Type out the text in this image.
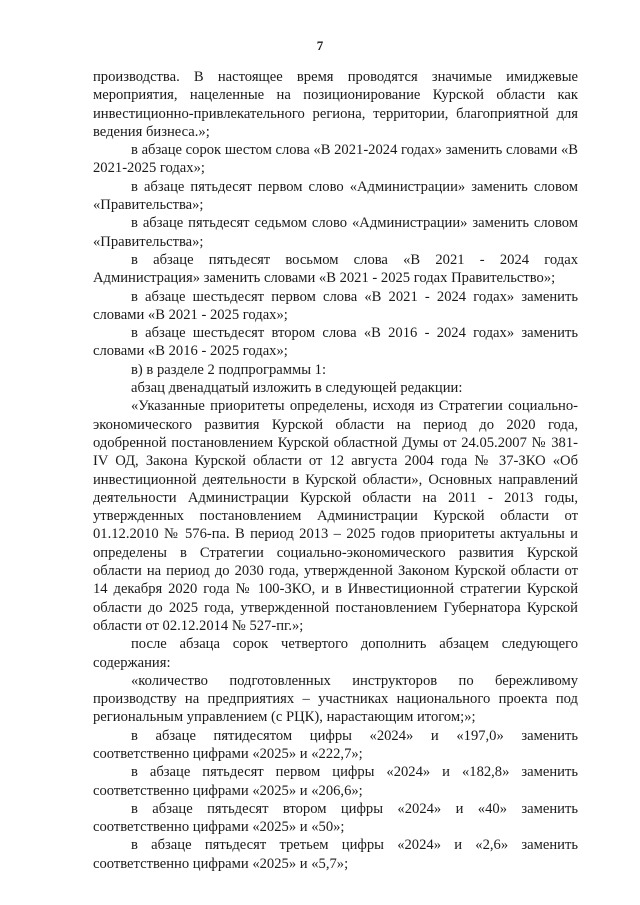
7

производства. В настоящее время проводятся значимые имиджевые мероприятия, нацеленные на позиционирование Курской области как инвестиционно-привлекательного региона, территории, благоприятной для ведения бизнеса.»;

в абзаце сорок шестом слова «В 2021-2024 годах» заменить словами «В 2021-2025 годах»;

в абзаце пятьдесят первом слово «Администрации» заменить словом «Правительства»;

в абзаце пятьдесят седьмом слово «Администрации» заменить словом «Правительства»;

в абзаце пятьдесят восьмом слова «В 2021 - 2024 годах Администрация» заменить словами «В 2021 - 2025 годах Правительство»;

в абзаце шестьдесят первом слова «В 2021 - 2024 годах» заменить словами «В 2021 - 2025 годах»;

в абзаце шестьдесят втором слова «В 2016 - 2024 годах» заменить словами «В 2016 - 2025 годах»;

в) в разделе 2 подпрограммы 1:

абзац двенадцатый изложить в следующей редакции:

«Указанные приоритеты определены, исходя из Стратегии социально-экономического развития Курской области на период до 2020 года, одобренной постановлением Курской областной Думы от 24.05.2007 № 381-IV ОД, Закона Курской области от 12 августа 2004 года № 37-ЗКО «Об инвестиционной деятельности в Курской области», Основных направлений деятельности Администрации Курской области на 2011 - 2013 годы, утвержденных постановлением Администрации Курской области от 01.12.2010 № 576-па. В период 2013 – 2025 годов приоритеты актуальны и определены в Стратегии социально-экономического развития Курской области на период до 2030 года, утвержденной Законом Курской области от 14 декабря 2020 года № 100-ЗКО, и в Инвестиционной стратегии Курской области до 2025 года, утвержденной постановлением Губернатора Курской области от 02.12.2014 № 527-пг.»;

после абзаца сорок четвертого дополнить абзацем следующего содержания:

«количество подготовленных инструкторов по бережливому производству на предприятиях – участниках национального проекта под региональным управлением (с РЦК), нарастающим итогом;»;

в абзаце пятидесятом цифры «2024» и «197,0» заменить соответственно цифрами «2025» и «222,7»;

в абзаце пятьдесят первом цифры «2024» и «182,8» заменить соответственно цифрами «2025» и «206,6»;

в абзаце пятьдесят втором цифры «2024» и «40» заменить соответственно цифрами «2025» и «50»;

в абзаце пятьдесят третьем цифры «2024» и «2,6» заменить соответственно цифрами «2025» и «5,7»;
